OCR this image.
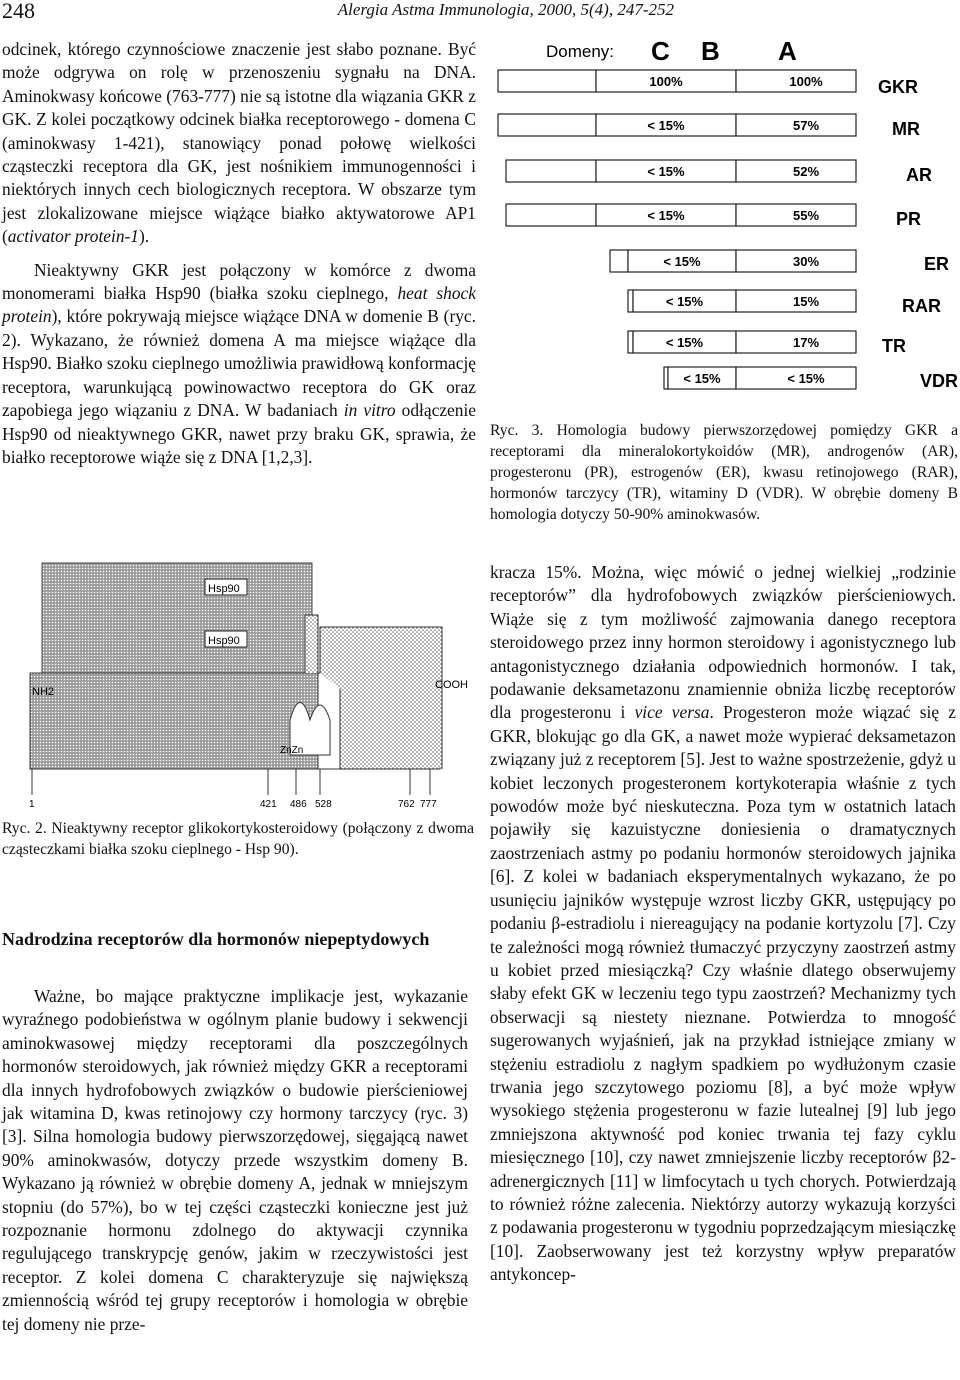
248	Alergia Astma Immunologia, 2000, 5(4), 247-252

odcinek, którego czynnościowe znaczenie jest słabo poznane. Być może odgrywa on rolę w przenoszeniu sygnału na DNA. Aminokwasy końcowe (763-777) nie są istotne dla wiązania GKR z GK. Z kolei początkowy odcinek białka receptorowego - domena C (aminokwasy 1-421), stanowiący ponad połowę wielkości cząsteczki receptora dla GK, jest nośnikiem immunogenności i niektórych innych cech biologicznych receptora. W obszarze tym jest zlokalizowane miejsce wiążące białko aktywatorowe AP1 (activator protein-1).

Nieaktywny GKR jest połączony w komórce z dwoma monomerami białka Hsp90 (białka szoku cieplnego, heat shock protein), które pokrywają miejsce wiążące DNA w domenie B (ryc. 2). Wykazano, że również domena A ma miejsce wiążące dla Hsp90. Białko szoku cieplnego umożliwia prawidłową konformację receptora, warunkującą powinowactwo receptora do GK oraz zapobiega jego wiązaniu z DNA. W badaniach in vitro odłączenie Hsp90 od nieaktywnego GKR, nawet przy braku GK, sprawia, że białko receptorowe wiąże się z DNA [1,2,3].

Domeny: C B A
100%	100%	GKR
< 15%	57%	MR
< 15%	52%	AR
< 15%	55%	PR
< 15%	30%	ER
< 15%	15%	RAR
< 15%	17%	TR
< 15%	< 15%	VDR
Ryc. 3. Homologia budowy pierwszorzędowej pomiędzy GKR a receptorami dla mineralokortykoidów (MR), androgenów (AR), progesteronu (PR), estrogenów (ER), kwasu retinojowego (RAR), hormonów tarczycy (TR), witaminy D (VDR). W obrębie domeny B homologia dotyczy 50-90% aminokwasów.
Hsp90
Hsp90
NH2
COOH
ZnZn
1	421 486 528	762 777
Ryc. 2. Nieaktywny receptor glikokortykosteroidowy (połączony z dwoma cząsteczkami białka szoku cieplnego - Hsp 90).
Nadrodzina receptorów dla hormonów niepeptydowych

Ważne, bo mające praktyczne implikacje jest, wykazanie wyraźnego podobieństwa w ogólnym planie budowy i sekwencji aminokwasowej między receptorami dla poszczególnych hormonów steroidowych, jak również między GKR a receptorami dla innych hydrofobowych związków o budowie pierścieniowej jak witamina D, kwas retinojowy czy hormony tarczycy (ryc. 3) [3]. Silna homologia budowy pierwszorzędowej, sięgającą nawet 90% aminokwasów, dotyczy przede wszystkim domeny B. Wykazano ją również w obrębie domeny A, jednak w mniejszym stopniu (do 57%), bo w tej części cząsteczki konieczne jest już rozpoznanie hormonu zdolnego do aktywacji czynnika regulującego transkrypcję genów, jakim w rzeczywistości jest receptor. Z kolei domena C charakteryzuje się największą zmiennością wśród tej grupy receptorów i homologia w obrębie tej domeny nie prze-

kracza 15%. Można, więc mówić o jednej wielkiej „rodzinie receptorów” dla hydrofobowych związków pierścieniowych. Wiąże się z tym możliwość zajmowania danego receptora steroidowego przez inny hormon steroidowy i agonistycznego lub antagonistycznego działania odpowiednich hormonów. I tak, podawanie deksametazonu znamiennie obniża liczbę receptorów dla progesteronu i vice versa. Progesteron może wiązać się z GKR, blokując go dla GK, a nawet może wypierać deksametazon związany już z receptorem [5]. Jest to ważne spostrzeżenie, gdyż u kobiet leczonych progesteronem kortykoterapia właśnie z tych powodów może być nieskuteczna. Poza tym w ostatnich latach pojawiły się kazuistyczne doniesienia o dramatycznych zaostrzeniach astmy po podaniu hormonów steroidowych jajnika [6]. Z kolei w badaniach eksperymentalnych wykazano, że po usunięciu jajników występuje wzrost liczby GKR, ustępujący po podaniu β-estradiolu i niereagujący na podanie kortyzolu [7]. Czy te zależności mogą również tłumaczyć przyczyny zaostrzeń astmy u kobiet przed miesiączką? Czy właśnie dlatego obserwujemy słaby efekt GK w leczeniu tego typu zaostrzeń? Mechanizmy tych obserwacji są niestety nieznane. Potwierdza to mnogość sugerowanych wyjaśnień, jak na przykład istniejące zmiany w stężeniu estradiolu z nagłym spadkiem po wydłużonym czasie trwania jego szczytowego poziomu [8], a być może wpływ wysokiego stężenia progesteronu w fazie lutealnej [9] lub jego zmniejszona aktywność pod koniec trwania tej fazy cyklu miesięcznego [10], czy nawet zmniejszenie liczby receptorów β2-adrenergicznych [11] w limfocytach u tych chorych. Potwierdzają to również różne zalecenia. Niektórzy autorzy wykazują korzyści z podawania progesteronu w tygodniu poprzedzającym miesiączkę [10]. Zaobserwowany jest też korzystny wpływ preparatów antykoncep-
